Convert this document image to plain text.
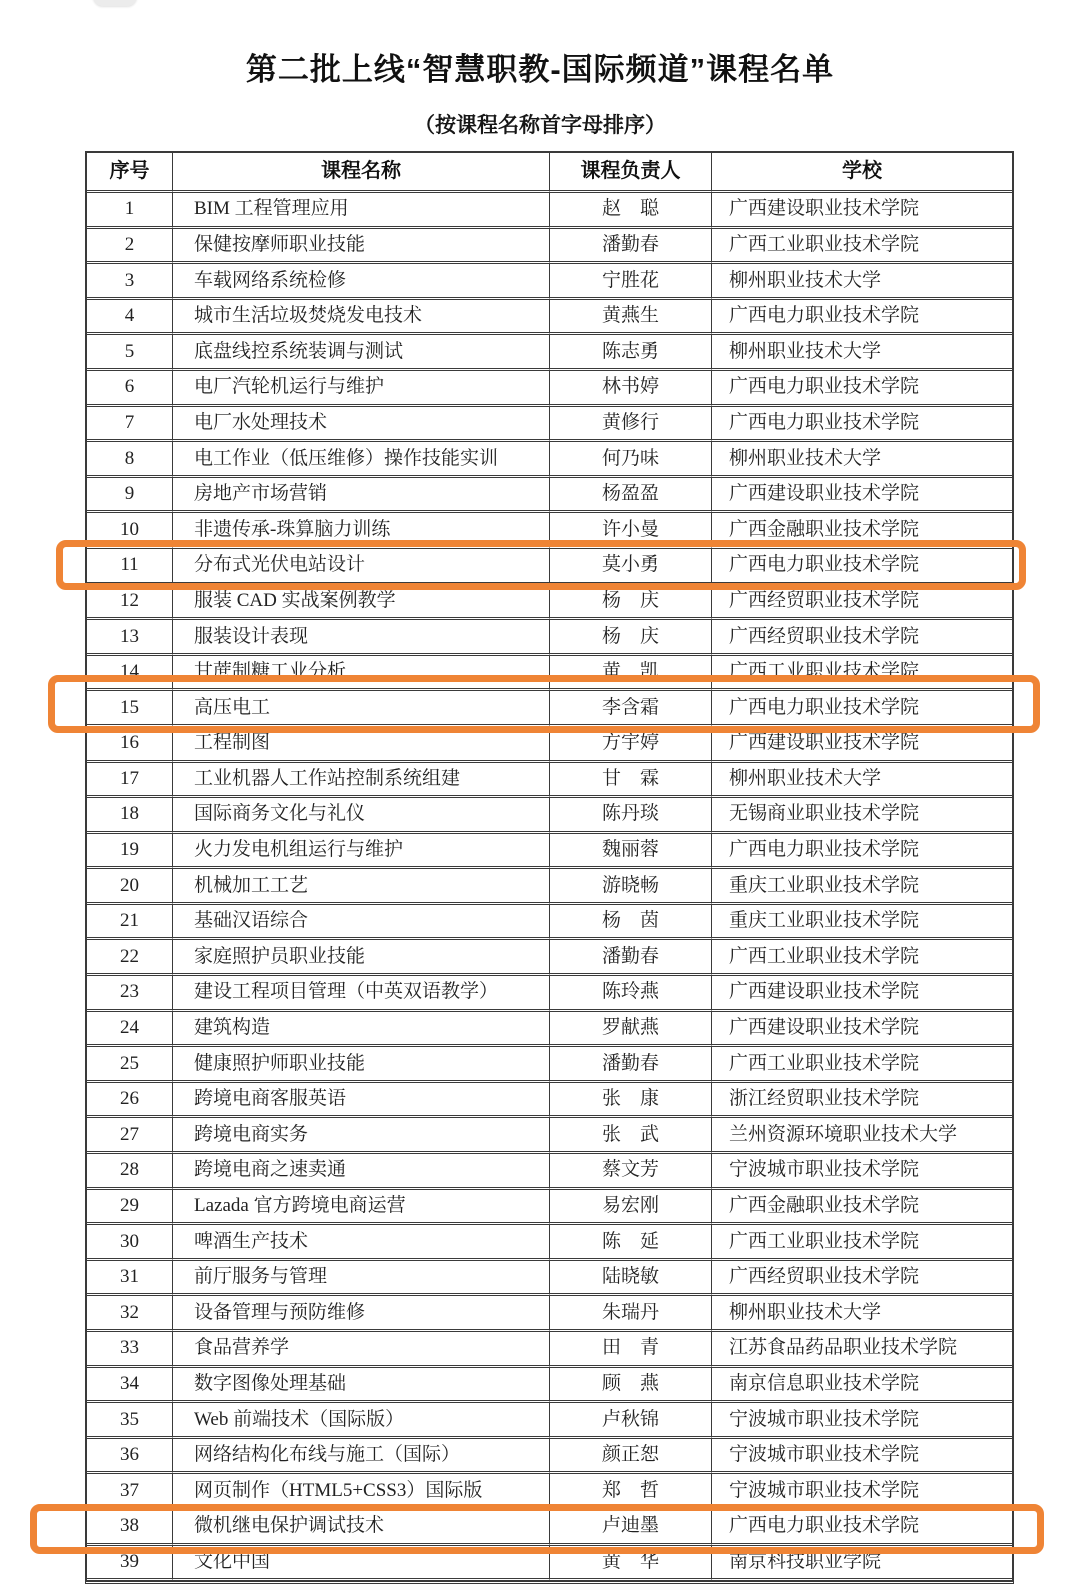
第二批上线“智慧职教-国际频道”课程名单
（按课程名称首字母排序）
序号	课程名称	课程负责人	学校
1	BIM 工程管理应用	赵　聪	广西建设职业技术学院
2	保健按摩师职业技能	潘勤春	广西工业职业技术学院
3	车载网络系统检修	宁胜花	柳州职业技术大学
4	城市生活垃圾焚烧发电技术	黄燕生	广西电力职业技术学院
5	底盘线控系统装调与测试	陈志勇	柳州职业技术大学
6	电厂汽轮机运行与维护	林书婷	广西电力职业技术学院
7	电厂水处理技术	黄修行	广西电力职业技术学院
8	电工作业（低压维修）操作技能实训	何乃味	柳州职业技术大学
9	房地产市场营销	杨盈盈	广西建设职业技术学院
10	非遗传承-珠算脑力训练	许小曼	广西金融职业技术学院
11	分布式光伏电站设计	莫小勇	广西电力职业技术学院
12	服装 CAD 实战案例教学	杨　庆	广西经贸职业技术学院
13	服装设计表现	杨　庆	广西经贸职业技术学院
14	甘蔗制糖工业分析	黄　凯	广西工业职业技术学院
15	高压电工	李含霜	广西电力职业技术学院
16	工程制图	方宇婷	广西建设职业技术学院
17	工业机器人工作站控制系统组建	甘　霖	柳州职业技术大学
18	国际商务文化与礼仪	陈丹琰	无锡商业职业技术学院
19	火力发电机组运行与维护	魏丽蓉	广西电力职业技术学院
20	机械加工工艺	游晓畅	重庆工业职业技术学院
21	基础汉语综合	杨　茵	重庆工业职业技术学院
22	家庭照护员职业技能	潘勤春	广西工业职业技术学院
23	建设工程项目管理（中英双语教学）	陈玲燕	广西建设职业技术学院
24	建筑构造	罗献燕	广西建设职业技术学院
25	健康照护师职业技能	潘勤春	广西工业职业技术学院
26	跨境电商客服英语	张　康	浙江经贸职业技术学院
27	跨境电商实务	张　武	兰州资源环境职业技术大学
28	跨境电商之速卖通	蔡文芳	宁波城市职业技术学院
29	Lazada 官方跨境电商运营	易宏刚	广西金融职业技术学院
30	啤酒生产技术	陈　延	广西工业职业技术学院
31	前厅服务与管理	陆晓敏	广西经贸职业技术学院
32	设备管理与预防维修	朱瑞丹	柳州职业技术大学
33	食品营养学	田　青	江苏食品药品职业技术学院
34	数字图像处理基础	顾　燕	南京信息职业技术学院
35	Web 前端技术（国际版）	卢秋锦	宁波城市职业技术学院
36	网络结构化布线与施工（国际）	颜正恕	宁波城市职业技术学院
37	网页制作（HTML5+CSS3）国际版	郑　哲	宁波城市职业技术学院
38	微机继电保护调试技术	卢迪墨	广西电力职业技术学院
39	文化中国	黄　华	南京科技职业学院
